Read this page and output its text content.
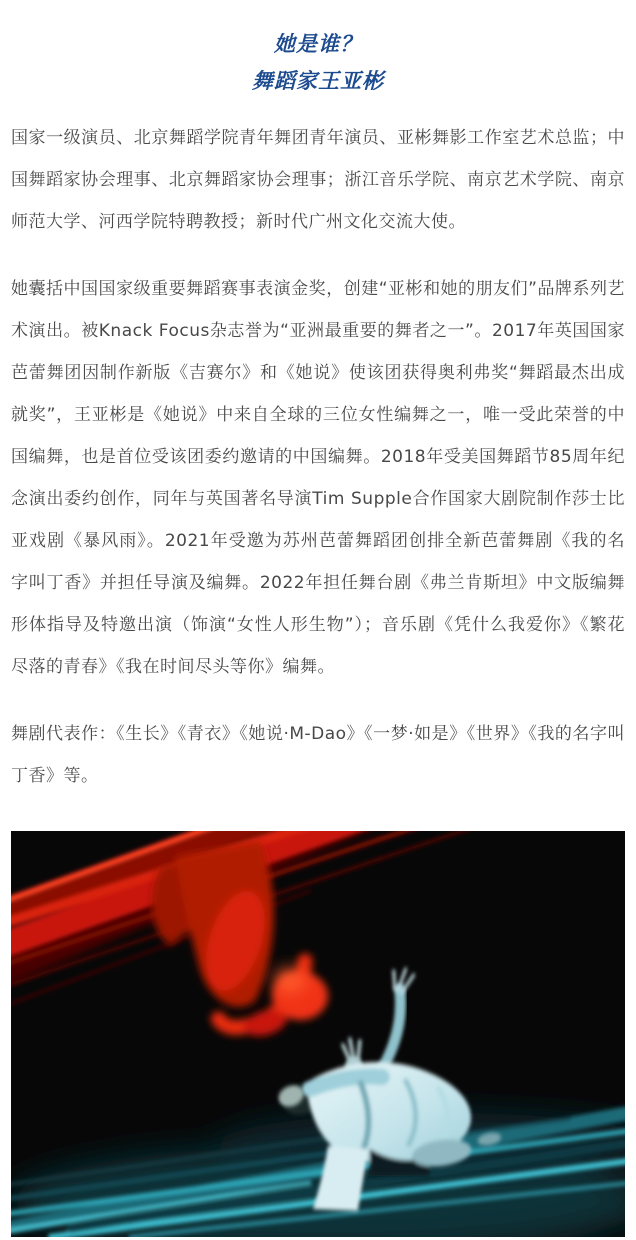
她是谁？
舞蹈家王亚彬

国家一级演员、北京舞蹈学院青年舞团青年演员、亚彬舞影工作室艺术总监；中国舞蹈家协会理事、北京舞蹈家协会理事；浙江音乐学院、南京艺术学院、南京师范大学、河西学院特聘教授；新时代广州文化交流大使。

她囊括中国国家级重要舞蹈赛事表演金奖，创建“亚彬和她的朋友们”品牌系列艺术演出。被Knack Focus杂志誉为“亚洲最重要的舞者之一”。2017年英国国家芭蕾舞团因制作新版《吉赛尔》和《她说》使该团获得奥利弗奖“舞蹈最杰出成就奖”，王亚彬是《她说》中来自全球的三位女性编舞之一，唯一受此荣誉的中国编舞，也是首位受该团委约邀请的中国编舞。2018年受美国舞蹈节85周年纪念演出委约创作，同年与英国著名导演Tim Supple合作国家大剧院制作莎士比亚戏剧《暴风雨》。2021年受邀为苏州芭蕾舞蹈团创排全新芭蕾舞剧《我的名字叫丁香》并担任导演及编舞。2022年担任舞台剧《弗兰肯斯坦》中文版编舞形体指导及特邀出演（饰演“女性人形生物”）；音乐剧《凭什么我爱你》《繁花尽落的青春》《我在时间尽头等你》编舞。

舞剧代表作：《生长》《青衣》《她说·M-Dao》《一梦·如是》《世界》《我的名字叫丁香》等。
